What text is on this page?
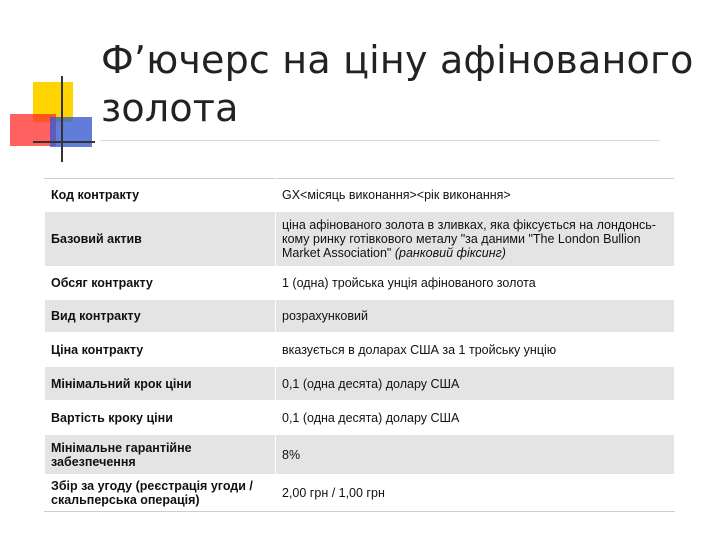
Ф’ючерс на ціну афінованого
золота
Код контракту	GX<місяць виконання><рік виконання>
Базовий актив	ціна афінованого золота в зливках, яка фіксується на лондонсь-кому ринку готівкового металу "за даними "The London Bullion Market Association" (ранковий фіксинг)
Обсяг контракту	1 (одна) тройська унція афінованого золота
Вид контракту	розрахунковий
Ціна контракту	вказується в доларах США за 1 тройську унцію
Мінімальний крок ціни	0,1 (одна десята) долару США
Вартість кроку ціни	0,1 (одна десята) долару США
Мінімальне гарантійне забезпечення	8%
Збір за угоду (реєстрація угоди / скальперська операція)	2,00 грн / 1,00 грн
